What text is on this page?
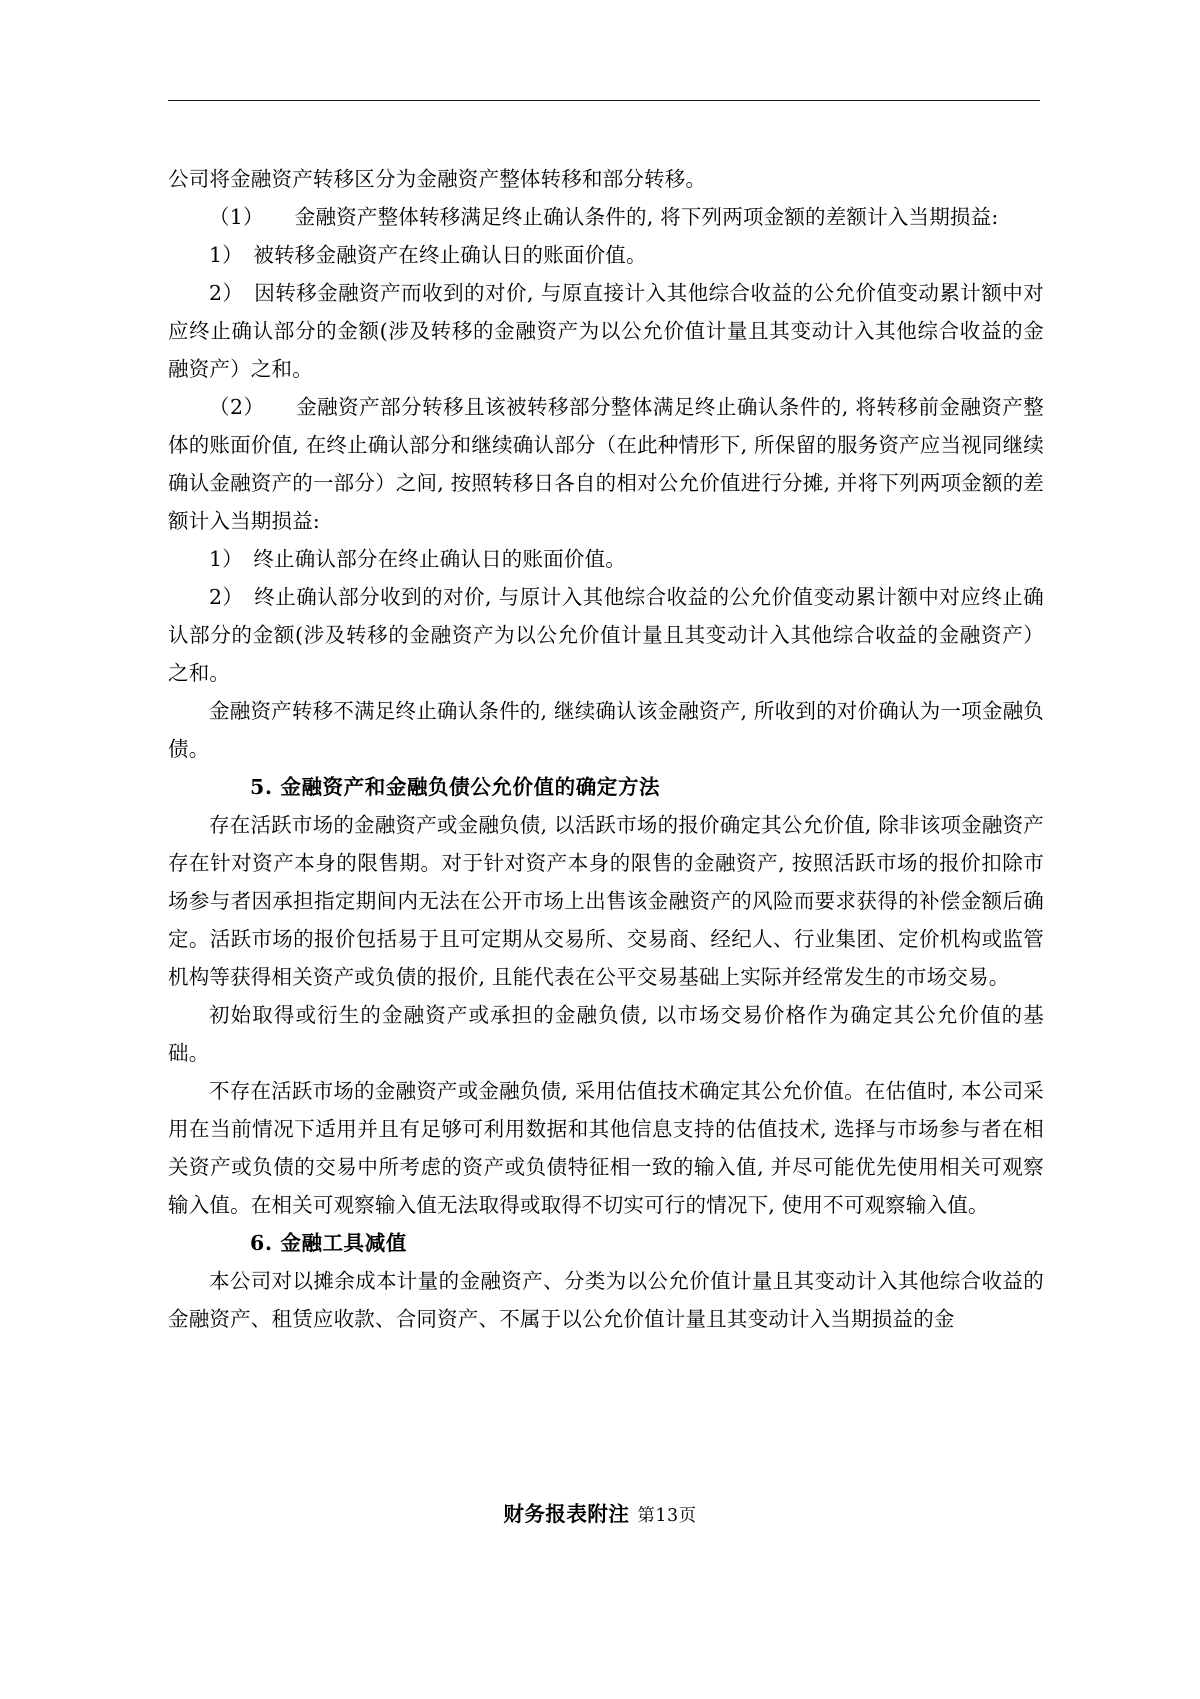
公司将金融资产转移区分为金融资产整体转移和部分转移。

（1）　　金融资产整体转移满足终止确认条件的, 将下列两项金额的差额计入当期损益:

1）　被转移金融资产在终止确认日的账面价值。

2）　因转移金融资产而收到的对价, 与原直接计入其他综合收益的公允价值变动累计额中对应终止确认部分的金额(涉及转移的金融资产为以公允价值计量且其变动计入其他综合收益的金融资产）之和。

（2）　　金融资产部分转移且该被转移部分整体满足终止确认条件的, 将转移前金融资产整体的账面价值, 在终止确认部分和继续确认部分（在此种情形下, 所保留的服务资产应当视同继续确认金融资产的一部分）之间, 按照转移日各自的相对公允价值进行分摊, 并将下列两项金额的差额计入当期损益:

1）　终止确认部分在终止确认日的账面价值。

2）　终止确认部分收到的对价, 与原计入其他综合收益的公允价值变动累计额中对应终止确认部分的金额(涉及转移的金融资产为以公允价值计量且其变动计入其他综合收益的金融资产）之和。

金融资产转移不满足终止确认条件的, 继续确认该金融资产, 所收到的对价确认为一项金融负债。

5. 金融资产和金融负债公允价值的确定方法

存在活跃市场的金融资产或金融负债, 以活跃市场的报价确定其公允价值, 除非该项金融资产存在针对资产本身的限售期。对于针对资产本身的限售的金融资产, 按照活跃市场的报价扣除市场参与者因承担指定期间内无法在公开市场上出售该金融资产的风险而要求获得的补偿金额后确定。活跃市场的报价包括易于且可定期从交易所、交易商、经纪人、行业集团、定价机构或监管机构等获得相关资产或负债的报价, 且能代表在公平交易基础上实际并经常发生的市场交易。

初始取得或衍生的金融资产或承担的金融负债, 以市场交易价格作为确定其公允价值的基础。

不存在活跃市场的金融资产或金融负债, 采用估值技术确定其公允价值。在估值时, 本公司采用在当前情况下适用并且有足够可利用数据和其他信息支持的估值技术, 选择与市场参与者在相关资产或负债的交易中所考虑的资产或负债特征相一致的输入值, 并尽可能优先使用相关可观察输入值。在相关可观察输入值无法取得或取得不切实可行的情况下, 使用不可观察输入值。

6. 金融工具减值

本公司对以摊余成本计量的金融资产、分类为以公允价值计量且其变动计入其他综合收益的金融资产、租赁应收款、合同资产、不属于以公允价值计量且其变动计入当期损益的金

财务报表附注 第13页
